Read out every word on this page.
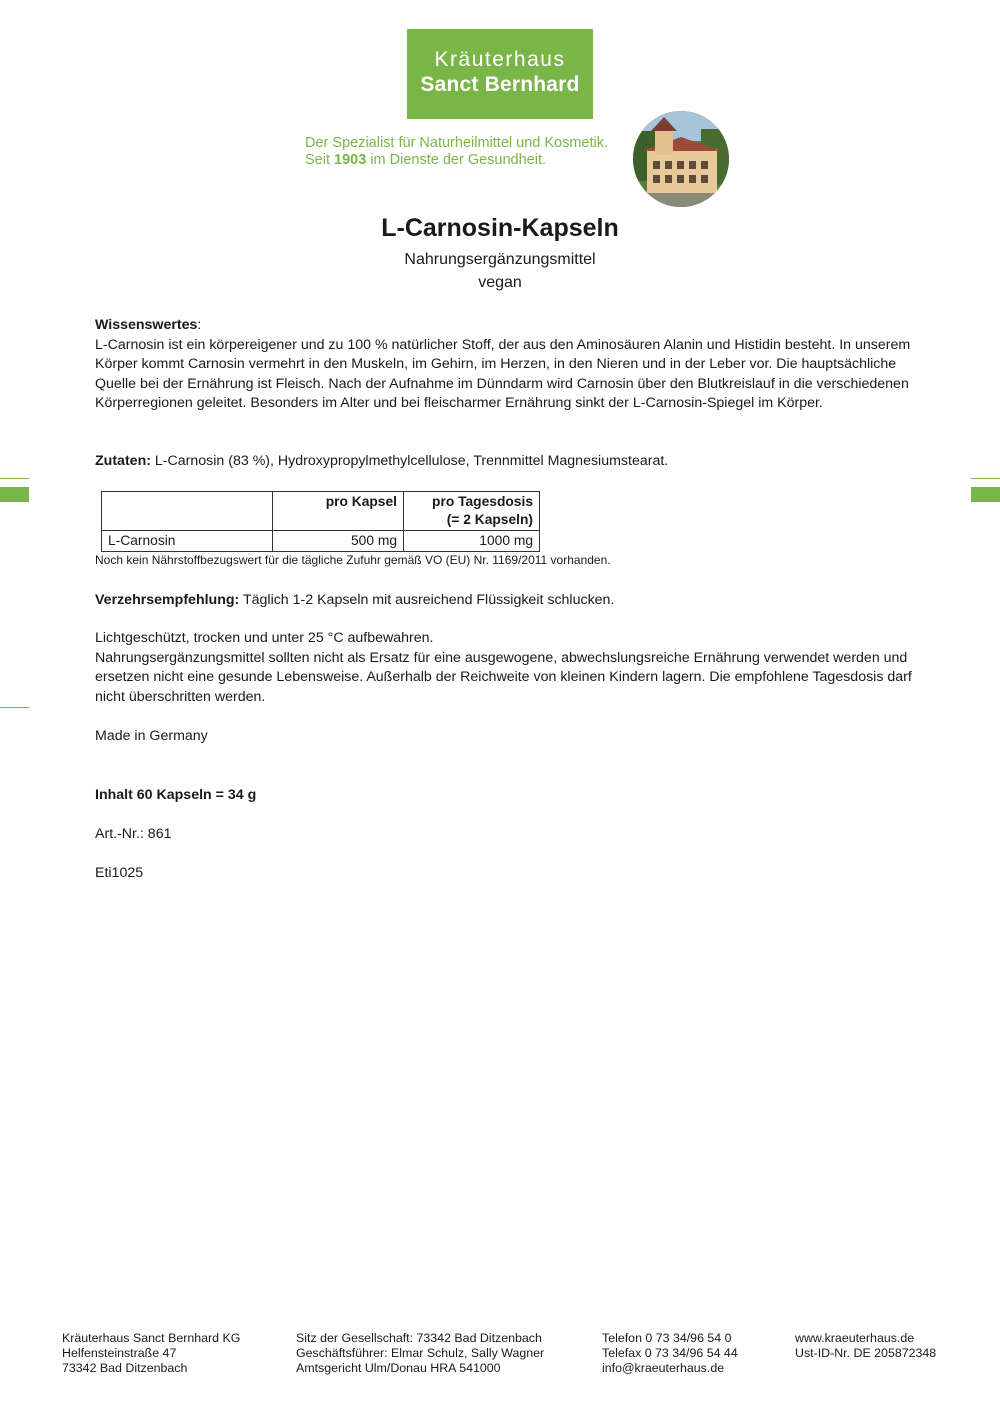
Kräuterhaus
Sanct Bernhard
Der Spezialist für Naturheilmittel und Kosmetik.
Seit 1903 im Dienste der Gesundheit.
L-Carnosin-Kapseln
Nahrungsergänzungsmittel
vegan
Wissenswertes:
L-Carnosin ist ein körpereigener und zu 100 % natürlicher Stoff, der aus den Aminosäuren Alanin und Histidin besteht. In unserem Körper kommt Carnosin vermehrt in den Muskeln, im Gehirn, im Herzen, in den Nieren und in der Leber vor. Die hauptsächliche Quelle bei der Ernährung ist Fleisch. Nach der Aufnahme im Dünndarm wird Carnosin über den Blutkreislauf in die verschiedenen Körperregionen geleitet. Besonders im Alter und bei fleischarmer Ernährung sinkt der L-Carnosin-Spiegel im Körper.
Zutaten: L-Carnosin (83 %), Hydroxypropylmethylcellulose, Trennmittel Magnesiumstearat.

	pro Kapsel	pro Tagesdosis
(= 2 Kapseln)
L-Carnosin	500 mg	1000 mg
Noch kein Nährstoffbezugswert für die tägliche Zufuhr gemäß VO (EU) Nr. 1169/2011 vorhanden.
Verzehrsempfehlung: Täglich 1-2 Kapseln mit ausreichend Flüssigkeit schlucken.
Lichtgeschützt, trocken und unter 25 °C aufbewahren.
Nahrungsergänzungsmittel sollten nicht als Ersatz für eine ausgewogene, abwechslungsreiche Ernährung verwendet werden und ersetzen nicht eine gesunde Lebensweise. Außerhalb der Reichweite von kleinen Kindern lagern. Die empfohlene Tagesdosis darf nicht überschritten werden.
Made in Germany
Inhalt 60 Kapseln = 34 g
Art.-Nr.: 861
Eti1025
Kräuterhaus Sanct Bernhard KG
Helfensteinstraße 47
73342 Bad Ditzenbach
Sitz der Gesellschaft: 73342 Bad Ditzenbach
Geschäftsführer: Elmar Schulz, Sally Wagner
Amtsgericht Ulm/Donau HRA 541000
Telefon 0 73 34/96 54 0
Telefax 0 73 34/96 54 44
info@kraeuterhaus.de
www.kraeuterhaus.de
Ust-ID-Nr. DE 205872348
